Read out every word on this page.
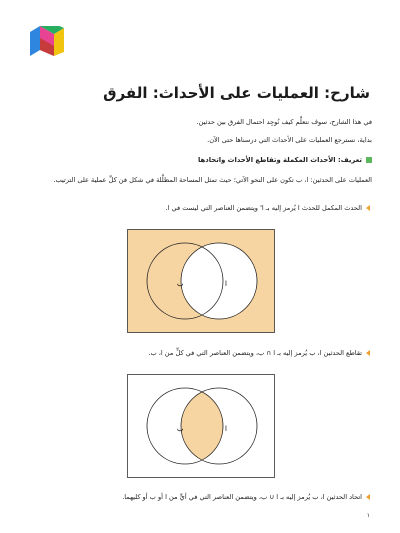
شارح: العمليات على الأحداث: الفرق
في هذا الشارح، سوف نتعلَّم كيف نُوجِد احتمال الفرق بين حدثين.
بداية، نسترجع العمليات على الأحداث التي درسناها حتى الآن.
تعريف: الأحداث المكملة وتقاطع الأحداث واتحادها
العمليات على الحدثين: ا، ب تكون على النحو الآتي؛ حيث تمثل المساحة المظلَّلة في شكل فن كلَّ عملية على الترتيب.
الحدث المكمل للحدث ا يُرمز إليه بـ ا' ويتضمن العناصر التي ليست في ا.
ب	ا
تقاطع الحدثين ا، ب يُرمز إليه بـ ا ∩ ب، ويتضمن العناصر التي في كلٍّ من ا، ب.
ب	ا
اتحاد الحدثين ا، ب يُرمز إليه بـ ا ∪ ب، ويتضمن العناصر التي في أيٍّ من ا أو ب أو كليهما.
١
